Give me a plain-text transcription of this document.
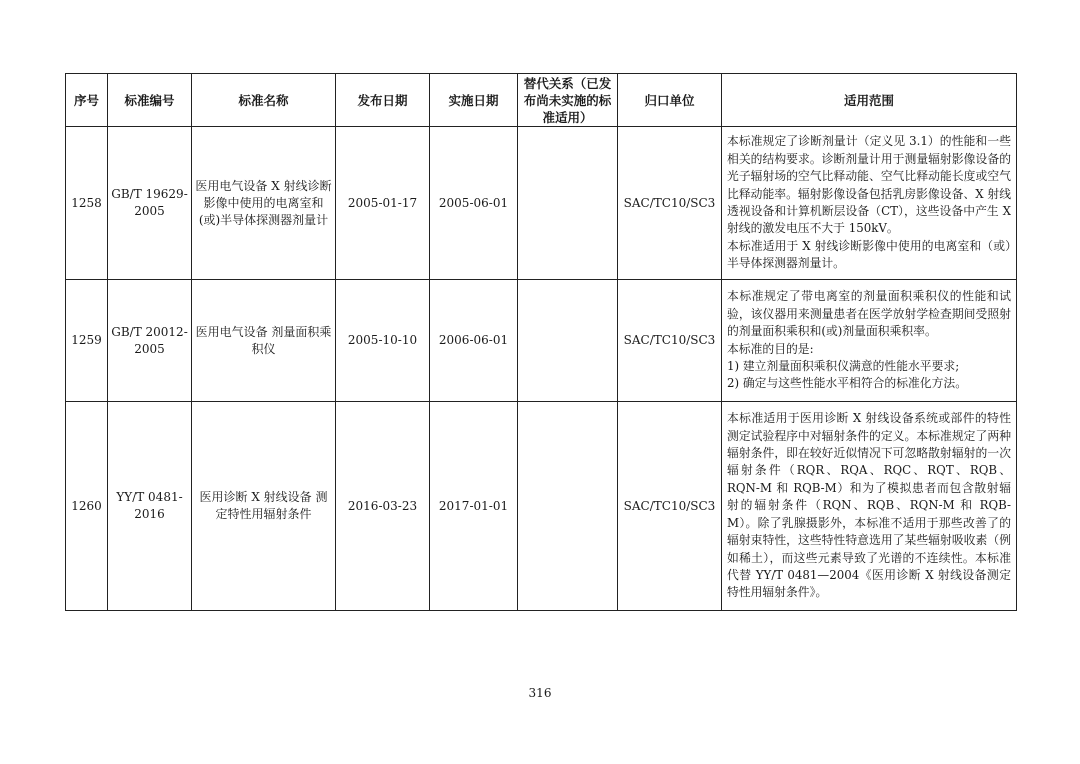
序号	标准编号	标准名称	发布日期	实施日期	替代关系（已发布尚未实施的标准适用）	归口单位	适用范围
1258	GB/T 19629-2005	医用电气设备 X 射线诊断影像中使用的电离室和(或)半导体探测器剂量计	2005-01-17	2005-06-01		SAC/TC10/SC3	本标准规定了诊断剂量计（定义见 3.1）的性能和一些相关的结构要求。诊断剂量计用于测量辐射影像设备的光子辐射场的空气比释动能、空气比释动能长度或空气比释动能率。辐射影像设备包括乳房影像设备、X 射线透视设备和计算机断层设备（CT），这些设备中产生 X 射线的激发电压不大于 150kV。
本标准适用于 X 射线诊断影像中使用的电离室和（或）半导体探测器剂量计。

1259	GB/T 20012-2005	医用电气设备 剂量面积乘积仪	2005-10-10	2006-06-01		SAC/TC10/SC3	本标准规定了带电离室的剂量面积乘积仪的性能和试验，该仪器用来测量患者在医学放射学检查期间受照射的剂量面积乘积和(或)剂量面积乘积率。
本标准的目的是:
1) 建立剂量面积乘积仪满意的性能水平要求;
2) 确定与这些性能水平相符合的标准化方法。

1260	YY/T 0481-2016	医用诊断 X 射线设备 测定特性用辐射条件	2016-03-23	2017-01-01		SAC/TC10/SC3	本标准适用于医用诊断 X 射线设备系统或部件的特性测定试验程序中对辐射条件的定义。本标准规定了两种辐射条件，即在较好近似情况下可忽略散射辐射的一次辐射条件（RQR、RQA、RQC、RQT、RQB、RQN-M 和 RQB-M）和为了模拟患者而包含散射辐射的辐射条件（RQN、RQB、RQN-M 和 RQB-M）。除了乳腺摄影外，本标准不适用于那些改善了的辐射束特性，这些特性特意选用了某些辐射吸收素（例如稀土），而这些元素导致了光谱的不连续性。本标准代替 YY/T 0481—2004《医用诊断 X 射线设备测定特性用辐射条件》。
316
